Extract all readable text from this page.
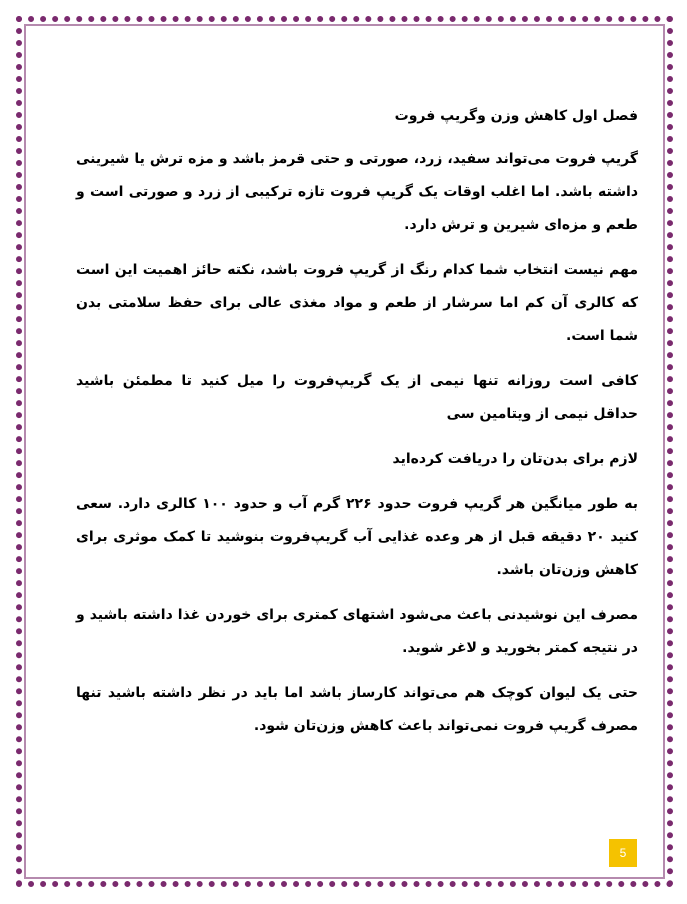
فصل اول کاهش وزن وگریپ فروت

گریپ فروت می‌تواند سفید، زرد، صورتی و حتی قرمز باشد و مزه ترش یا شیرینی داشته باشد. اما اغلب اوقات یک گریپ فروت تازه ترکیبی از زرد و صورتی است و طعم و مزه‌ای شیرین و ترش دارد.

مهم نیست انتخاب شما کدام رنگ از گریپ فروت باشد، نکته حائز اهمیت این است که کالری آن کم اما سرشار از طعم و مواد مغذی عالی برای حفظ سلامتی بدن شما است.

کافی است روزانه تنها نیمی از یک گریپ‌فروت را میل کنید تا مطمئن باشید حداقل نیمی از ویتامین سی

لازم برای بدن‌تان را دریافت کرده‌اید

به طور میانگین هر گریپ فروت حدود ۲۲۶ گرم آب و حدود ۱۰۰ کالری دارد. سعی کنید ۲۰ دقیقه قبل از هر وعده غذایی آب گریپ‌فروت بنوشید تا کمک موثری برای کاهش وزن‌تان باشد.

مصرف این نوشیدنی باعث می‌شود اشتهای کمتری برای خوردن غذا داشته باشید و در نتیجه کمتر بخورید و لاغر شوید.

حتی یک لیوان کوچک هم می‌تواند کارساز باشد اما باید در نظر داشته باشید تنها مصرف گریپ فروت نمی‌تواند باعث کاهش وزن‌تان شود.

5
